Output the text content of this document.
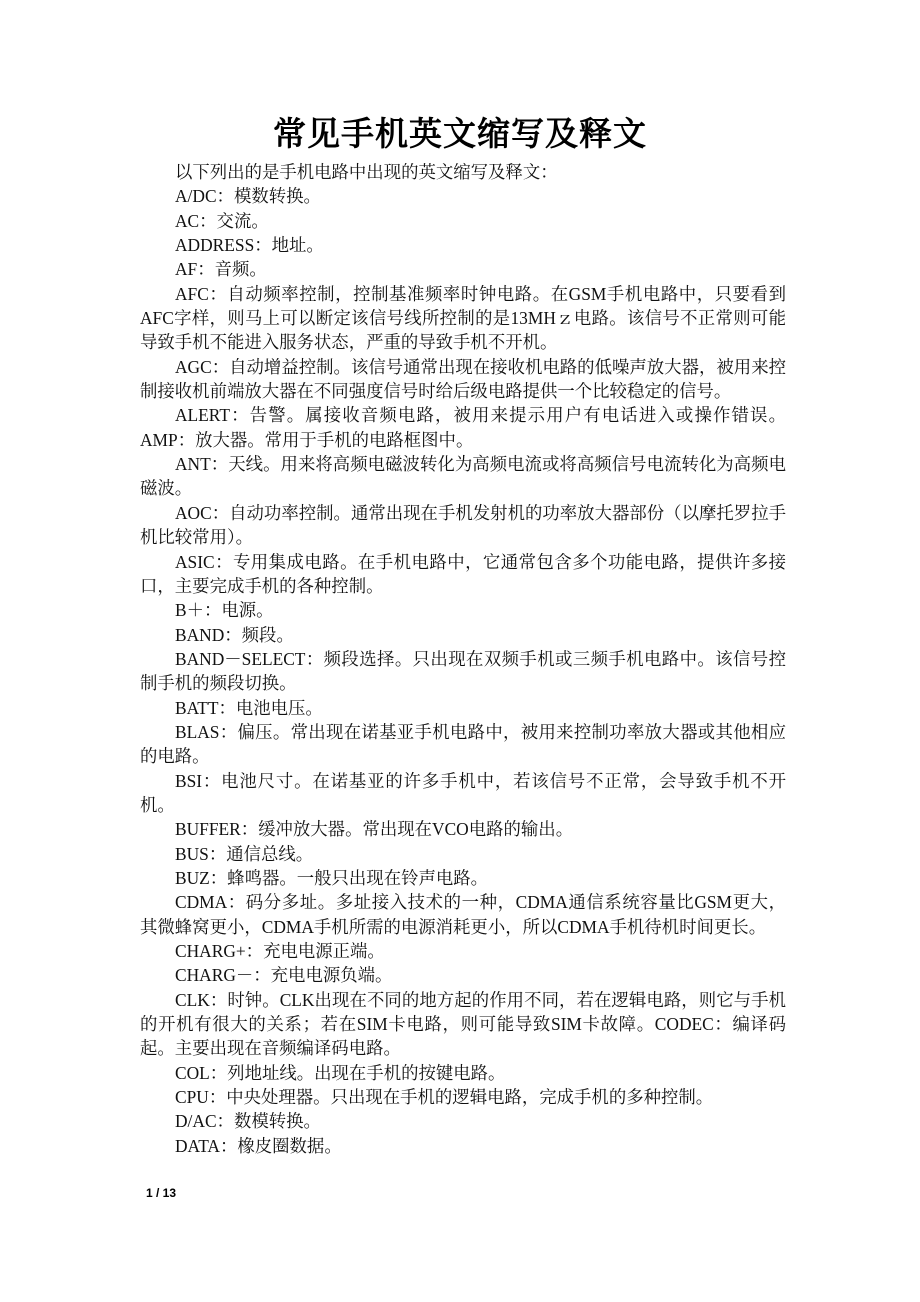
常见手机英文缩写及释文

以下列出的是手机电路中出现的英文缩写及释文：

A/DC：模数转换。

AC：交流。

ADDRESS：地址。

AF：音频。

AFC：自动频率控制，控制基准频率时钟电路。在GSM手机电路中，只要看到AFC字样，则马上可以断定该信号线所控制的是13MHｚ电路。该信号不正常则可能导致手机不能进入服务状态，严重的导致手机不开机。

AGC：自动增益控制。该信号通常出现在接收机电路的低噪声放大器，被用来控制接收机前端放大器在不同强度信号时给后级电路提供一个比较稳定的信号。

ALERT：告警。属接收音频电路，被用来提示用户有电话进入或操作错误。AMP：放大器。常用于手机的电路框图中。

ANT：天线。用来将高频电磁波转化为高频电流或将高频信号电流转化为高频电磁波。

AOC：自动功率控制。通常出现在手机发射机的功率放大器部份（以摩托罗拉手机比较常用）。

ASIC：专用集成电路。在手机电路中，它通常包含多个功能电路，提供许多接口，主要完成手机的各种控制。

B＋：电源。

BAND：频段。

BAND－SELECT：频段选择。只出现在双频手机或三频手机电路中。该信号控制手机的频段切换。

BATT：电池电压。

BLAS：偏压。常出现在诺基亚手机电路中，被用来控制功率放大器或其他相应的电路。

BSI：电池尺寸。在诺基亚的许多手机中，若该信号不正常，会导致手机不开机。

BUFFER：缓冲放大器。常出现在VCO电路的输出。

BUS：通信总线。

BUZ：蜂鸣器。一般只出现在铃声电路。

CDMA：码分多址。多址接入技术的一种，CDMA通信系统容量比GSM更大，其微蜂窝更小，CDMA手机所需的电源消耗更小，所以CDMA手机待机时间更长。

CHARG+：充电电源正端。

CHARG－：充电电源负端。

CLK：时钟。CLK出现在不同的地方起的作用不同，若在逻辑电路，则它与手机的开机有很大的关系；若在SIM卡电路，则可能导致SIM卡故障。CODEC：编译码起。主要出现在音频编译码电路。

COL：列地址线。出现在手机的按键电路。

CPU：中央处理器。只出现在手机的逻辑电路，完成手机的多种控制。

D/AC：数模转换。

DATA：橡皮圈数据。

1 / 13
